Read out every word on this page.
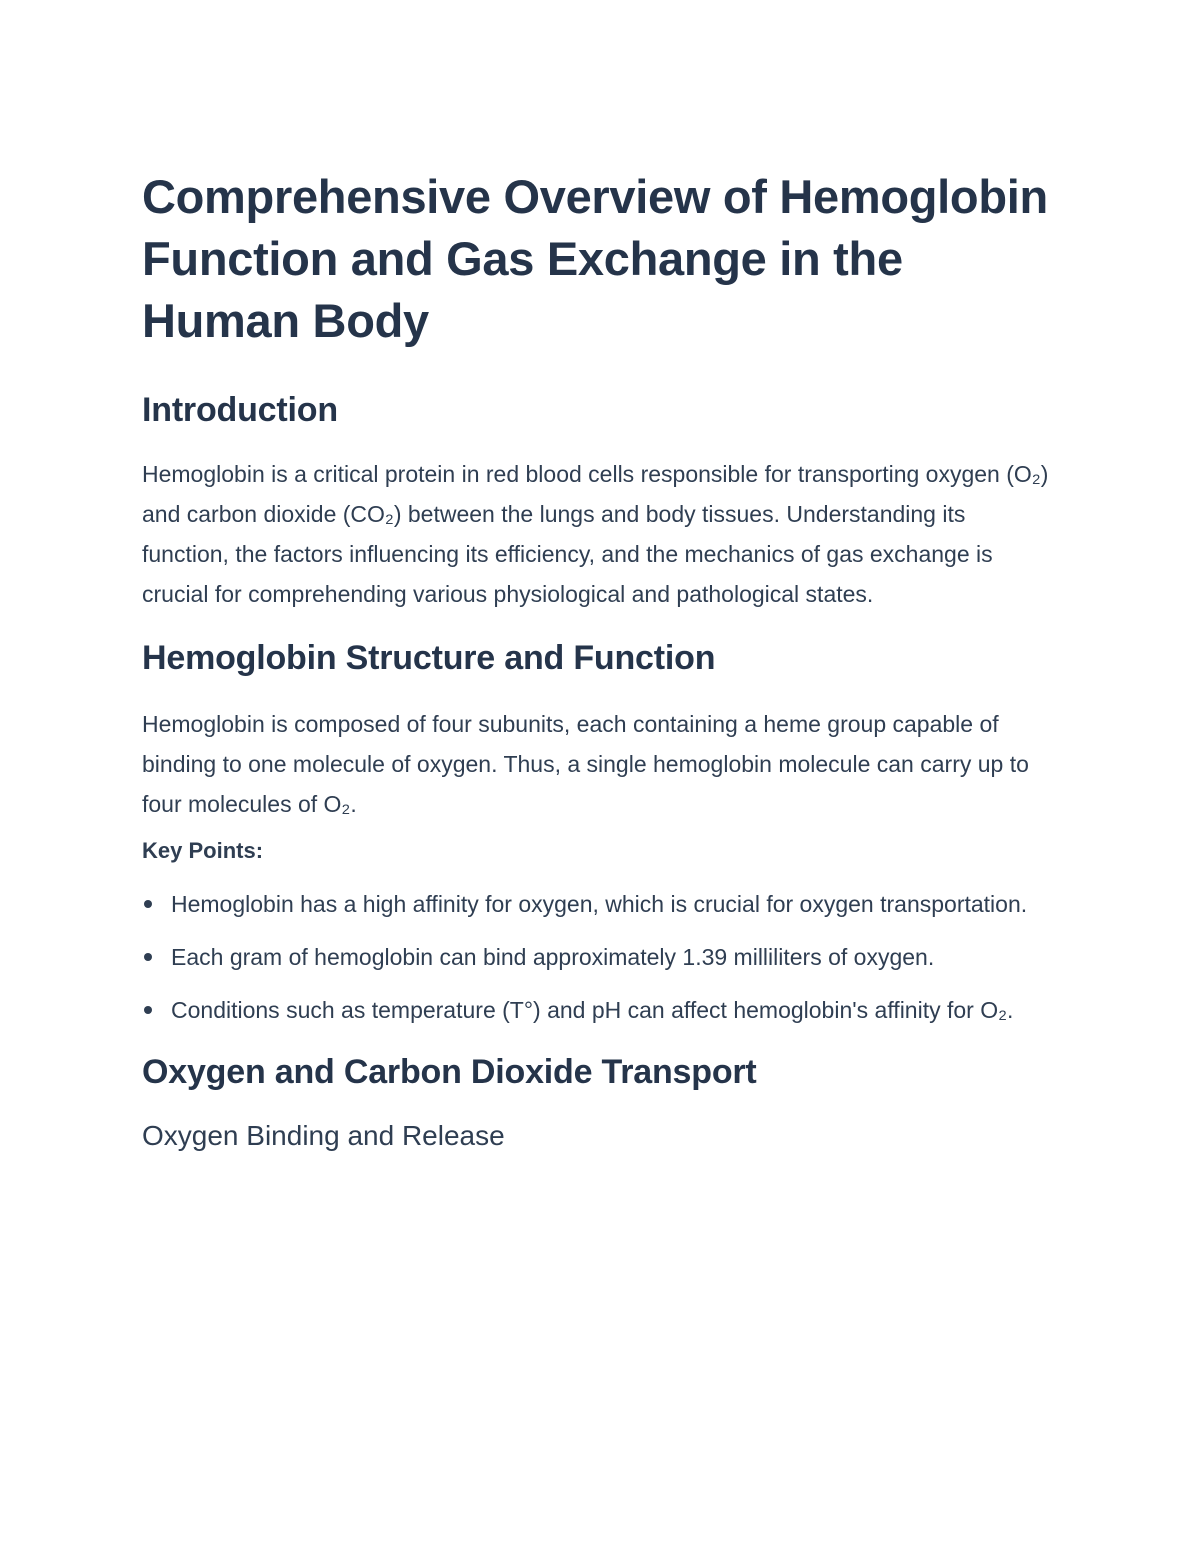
Comprehensive Overview of Hemoglobin Function and Gas Exchange in the Human Body
Introduction

Hemoglobin is a critical protein in red blood cells responsible for transporting oxygen (O₂) and carbon dioxide (CO₂) between the lungs and body tissues. Understanding its function, the factors influencing its efficiency, and the mechanics of gas exchange is crucial for comprehending various physiological and pathological states.

Hemoglobin Structure and Function

Hemoglobin is composed of four subunits, each containing a heme group capable of binding to one molecule of oxygen. Thus, a single hemoglobin molecule can carry up to four molecules of O₂.

Key Points:
Hemoglobin has a high affinity for oxygen, which is crucial for oxygen transportation.
Each gram of hemoglobin can bind approximately 1.39 milliliters of oxygen.
Conditions such as temperature (T°) and pH can affect hemoglobin's affinity for O₂.
Oxygen and Carbon Dioxide Transport
Oxygen Binding and Release
